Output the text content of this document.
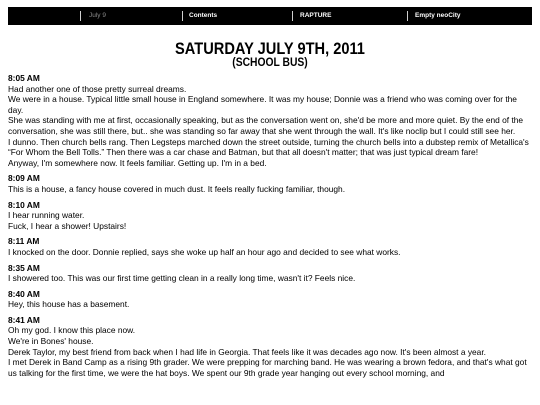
July 9	Contents	RAPTURE	Empty neoCity
SATURDAY JULY 9TH, 2011
(SCHOOL BUS)
8:05 AM
Had another one of those pretty surreal dreams.
We were in a house. Typical little small house in England somewhere. It was my house; Donnie was a friend who was coming over for the day.
She was standing with me at first, occasionally speaking, but as the conversation went on, she'd be more and more quiet. By the end of the conversation, she was still there, but.. she was standing so far away that she went through the wall. It's like noclip but I could still see her.
I dunno. Then church bells rang. Then Legsteps marched down the street outside, turning the church bells into a dubstep remix of Metallica's “For Whom the Bell Tolls.” Then there was a car chase and Batman, but that all doesn't matter; that was just typical dream fare!
Anyway, I'm somewhere now. It feels familiar. Getting up. I'm in a bed.
8:09 AM
This is a house, a fancy house covered in much dust. It feels really fucking familiar, though.
8:10 AM
I hear running water.
Fuck, I hear a shower! Upstairs!
8:11 AM
I knocked on the door. Donnie replied, says she woke up half an hour ago and decided to see what works.
8:35 AM
I showered too. This was our first time getting clean in a really long time, wasn't it? Feels nice.
8:40 AM
Hey, this house has a basement.
8:41 AM
Oh my god. I know this place now.
We're in Bones' house.
Derek Taylor, my best friend from back when I had life in Georgia. That feels like it was decades ago now. It's been almost a year.
I met Derek in Band Camp as a rising 9th grader. We were prepping for marching band. He was wearing a brown fedora, and that's what got us talking for the first time, we were the hat boys. We spent our 9th grade year hanging out every school morning, and
